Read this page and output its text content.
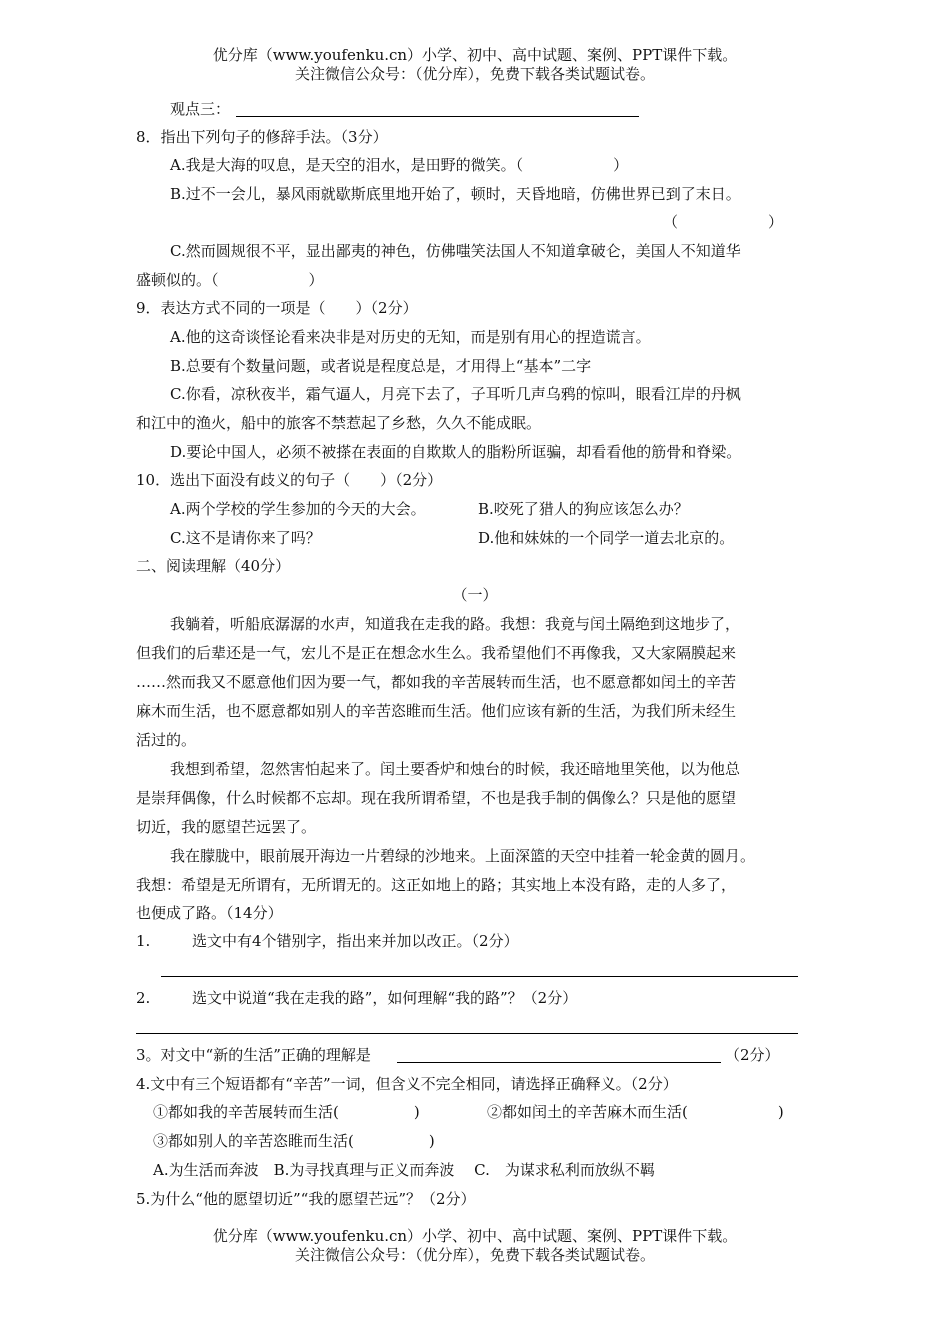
优分库（www.youfenku.cn）小学、初中、高中试题、案例、PPT课件下载。
关注微信公众号：（优分库），免费下载各类试题试卷。
观点三：
8．指出下列句子的修辞手法。（3分）
A.我是大海的叹息，是天空的泪水，是田野的微笑。（　　　　　　）
B.过不一会儿，暴风雨就歇斯底里地开始了，顿时，天昏地暗，仿佛世界已到了末日。
（　　　　　　）
C.然而圆规很不平，显出鄙夷的神色，仿佛嗤笑法国人不知道拿破仑，美国人不知道华
盛顿似的。（　　　　　　）
9．表达方式不同的一项是（　　）（2分）
A.他的这奇谈怪论看来决非是对历史的无知，而是别有用心的捏造谎言。
B.总要有个数量问题，或者说是程度总是，才用得上“基本”二字
C.你看，凉秋夜半，霜气逼人，月亮下去了，子耳听几声乌鸦的惊叫，眼看江岸的丹枫
和江中的渔火，船中的旅客不禁惹起了乡愁，久久不能成眠。
D.要论中国人，必须不被搽在表面的自欺欺人的脂粉所诓骗，却看看他的筋骨和脊梁。
10．选出下面没有歧义的句子（　　）（2分）
A.两个学校的学生参加的今天的大会。	B.咬死了猎人的狗应该怎么办？
C.这不是请你来了吗？	D.他和妹妹的一个同学一道去北京的。
二、阅读理解（40分）
（一）
我躺着，听船底潺潺的水声，知道我在走我的路。我想：我竟与闰土隔绝到这地步了，
但我们的后辈还是一气，宏儿不是正在想念水生么。我希望他们不再像我，又大家隔膜起来
……然而我又不愿意他们因为要一气，都如我的辛苦展转而生活，也不愿意都如闰土的辛苦
麻木而生活，也不愿意都如别人的辛苦恣睢而生活。他们应该有新的生活，为我们所未经生
活过的。
我想到希望，忽然害怕起来了。闰土要香炉和烛台的时候，我还暗地里笑他，以为他总
是崇拜偶像，什么时候都不忘却。现在我所谓希望，不也是我手制的偶像么？只是他的愿望
切近，我的愿望芒远罢了。
我在朦胧中，眼前展开海边一片碧绿的沙地来。上面深篮的天空中挂着一轮金黄的圆月。
我想：希望是无所谓有，无所谓无的。这正如地上的路；其实地上本没有路，走的人多了，
也便成了路。（14分）
1.	选文中有4个错别字，指出来并加以改正。（2分）
2.	选文中说道“我在走我的路”，如何理解“我的路”？（2分）
3。对文中“新的生活”正确的理解是	（2分）
4.文中有三个短语都有“辛苦”一词，但含义不完全相同，请选择正确释义。（2分）
①都如我的辛苦展转而生活(　　　　　)	②都如闰土的辛苦麻木而生活(　　　　　　)
③都如别人的辛苦恣睢而生活(　　　　　)
A.为生活而奔波　B.为寻找真理与正义而奔波　 C.　为谋求私利而放纵不羁
5.为什么“他的愿望切近”“我的愿望芒远”？（2分）
优分库（www.youfenku.cn）小学、初中、高中试题、案例、PPT课件下载。
关注微信公众号：（优分库），免费下载各类试题试卷。
